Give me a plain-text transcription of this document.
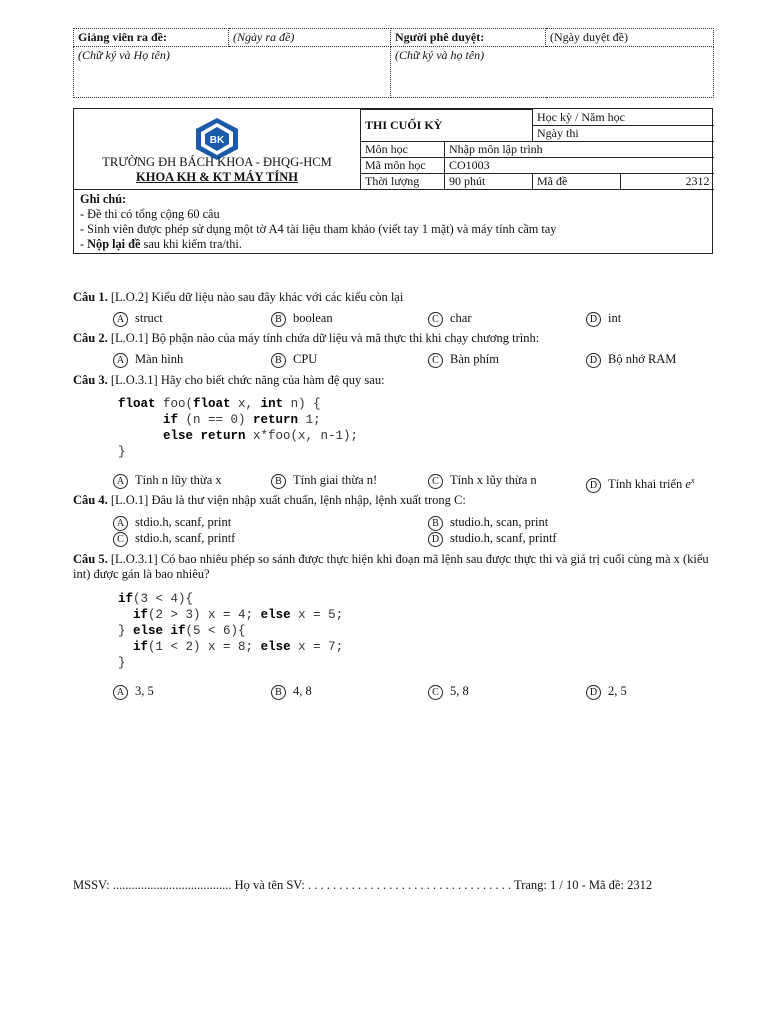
Giảng viên ra đề:	(Ngày ra đề)	Người phê duyệt:	(Ngày duyệt đề)
(Chữ ký và Họ tên)		(Chữ ký và họ tên)	
BK
TRƯỜNG ĐH BÁCH KHOA - ĐHQG-HCM
KHOA KH & KT MÁY TÍNH
THI CUỐI KỲ		Học kỳ / Năm học	
		Ngày thi	
Môn học	Nhập môn lập trình		
Mã môn học	CO1003		
Thời lượng	90 phút	Mã đề	2312
Ghi chú:
- Đề thi có tổng cộng 60 câu
- Sinh viên được phép sử dụng một tờ A4 tài liệu tham khảo (viết tay 1 mặt) và máy tính cầm tay
- Nộp lại đề sau khi kiểm tra/thi.
Câu 1. [L.O.2] Kiểu dữ liệu nào sau đây khác với các kiểu còn lại
A struct	B boolean	C char	D int
Câu 2. [L.O.1] Bộ phận nào của máy tính chứa dữ liệu và mã thực thi khi chạy chương trình:
A Màn hình	B CPU	C Bàn phím	D Bộ nhớ RAM
Câu 3. [L.O.3.1] Hãy cho biết chức năng của hàm đệ quy sau:
float foo(float x, int n) {
if (n == 0) return 1;
else return x*foo(x, n-1);
}
A Tính n lũy thừa x	B Tính giai thừa n!	C Tính x lũy thừa n	D Tính khai triển $e^x$
Câu 4. [L.O.1] Đâu là thư viện nhập xuất chuẩn, lệnh nhập, lệnh xuất trong C:
A stdio.h, scanf, print	B studio.h, scan, print
C stdio.h, scanf, printf	D studio.h, scanf, printf
Câu 5. [L.O.3.1] Có bao nhiêu phép so sánh được thực hiện khi đoạn mã lệnh sau được thực thi và giá trị cuối cùng mà x (kiểu int) được gán là bao nhiêu?
if(3 < 4){
if(2 > 3) x = 4; else x = 5;
} else if(5 < 6){
if(1 < 2) x = 8; else x = 7;
}
A 3, 5	B 4, 8	C 5, 8	D 2, 5
MSSV: ...................................... Họ và tên SV: . . . . . . . . . . . . . . . . . . . . . . . . . . . . . . . . . Trang: 1 / 10 - Mã đề: 2312
